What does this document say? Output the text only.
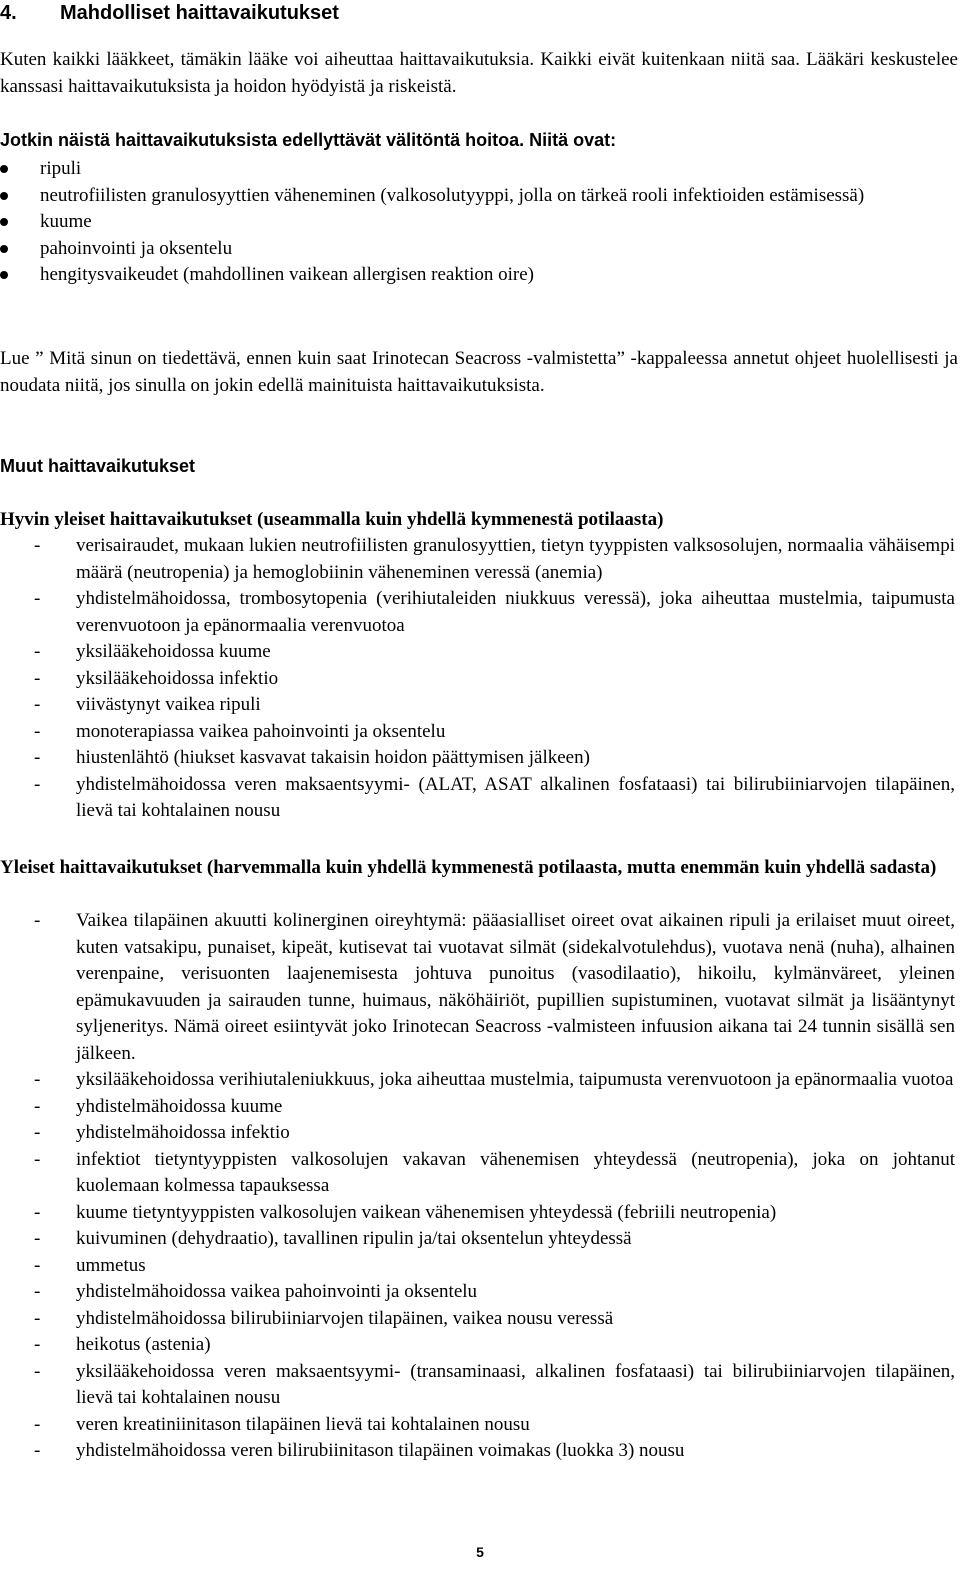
4. Mahdolliset haittavaikutukset

Kuten kaikki lääkkeet, tämäkin lääke voi aiheuttaa haittavaikutuksia. Kaikki eivät kuitenkaan niitä saa. Lääkäri keskustelee kanssasi haittavaikutuksista ja hoidon hyödyistä ja riskeistä.

Jotkin näistä haittavaikutuksista edellyttävät välitöntä hoitoa. Niitä ovat:

ripuli
neutrofiilisten granulosyyttien väheneminen (valkosolutyyppi, jolla on tärkeä rooli infektioiden estämisessä)
kuume
pahoinvointi ja oksentelu
hengitysvaikeudet (mahdollinen vaikean allergisen reaktion oire)

Lue ” Mitä sinun on tiedettävä, ennen kuin saat Irinotecan Seacross -valmistetta” -kappaleessa annetut ohjeet huolellisesti ja noudata niitä, jos sinulla on jokin edellä mainituista haittavaikutuksista.

Muut haittavaikutukset

Hyvin yleiset haittavaikutukset (useammalla kuin yhdellä kymmenestä potilaasta)

- verisairaudet, mukaan lukien neutrofiilisten granulosyyttien, tietyn tyyppisten valksosolujen, normaalia vähäisempi määrä (neutropenia) ja hemoglobiinin väheneminen veressä (anemia)
- yhdistelmähoidossa, trombosytopenia (verihiutaleiden niukkuus veressä), joka aiheuttaa mustelmia, taipumusta verenvuotoon ja epänormaalia verenvuotoa
- yksilääkehoidossa kuume
- yksilääkehoidossa infektio
- viivästynyt vaikea ripuli
- monoterapiassa vaikea pahoinvointi ja oksentelu
- hiustenlähtö (hiukset kasvavat takaisin hoidon päättymisen jälkeen)
- yhdistelmähoidossa veren maksaentsyymi- (ALAT, ASAT alkalinen fosfataasi) tai bilirubiiniarvojen tilapäinen, lievä tai kohtalainen nousu

Yleiset haittavaikutukset (harvemmalla kuin yhdellä kymmenestä potilaasta, mutta enemmän kuin yhdellä sadasta)

- Vaikea tilapäinen akuutti kolinerginen oireyhtymä: pääasialliset oireet ovat aikainen ripuli ja erilaiset muut oireet, kuten vatsakipu, punaiset, kipeät, kutisevat tai vuotavat silmät (sidekalvotulehdus), vuotava nenä (nuha), alhainen verenpaine, verisuonten laajenemisesta johtuva punoitus (vasodilaatio), hikoilu, kylmänväreet, yleinen epämukavuuden ja sairauden tunne, huimaus, näköhäiriöt, pupillien supistuminen, vuotavat silmät ja lisääntynyt syljeneritys. Nämä oireet esiintyvät joko Irinotecan Seacross -valmisteen infuusion aikana tai 24 tunnin sisällä sen jälkeen.
- yksilääkehoidossa verihiutaleniukkuus, joka aiheuttaa mustelmia, taipumusta verenvuotoon ja epänormaalia vuotoa
- yhdistelmähoidossa kuume
- yhdistelmähoidossa infektio
- infektiot tietyntyyppisten valkosolujen vakavan vähenemisen yhteydessä (neutropenia), joka on johtanut kuolemaan kolmessa tapauksessa
- kuume tietyntyyppisten valkosolujen vaikean vähenemisen yhteydessä (febriili neutropenia)
- kuivuminen (dehydraatio), tavallinen ripulin ja/tai oksentelun yhteydessä
- ummetus
- yhdistelmähoidossa vaikea pahoinvointi ja oksentelu
- yhdistelmähoidossa bilirubiiniarvojen tilapäinen, vaikea nousu veressä
- heikotus (astenia)
- yksilääkehoidossa veren maksaentsyymi- (transaminaasi, alkalinen fosfataasi) tai bilirubiiniarvojen tilapäinen, lievä tai kohtalainen nousu
- veren kreatiniinitason tilapäinen lievä tai kohtalainen nousu
- yhdistelmähoidossa veren bilirubiinitason tilapäinen voimakas (luokka 3) nousu
5
